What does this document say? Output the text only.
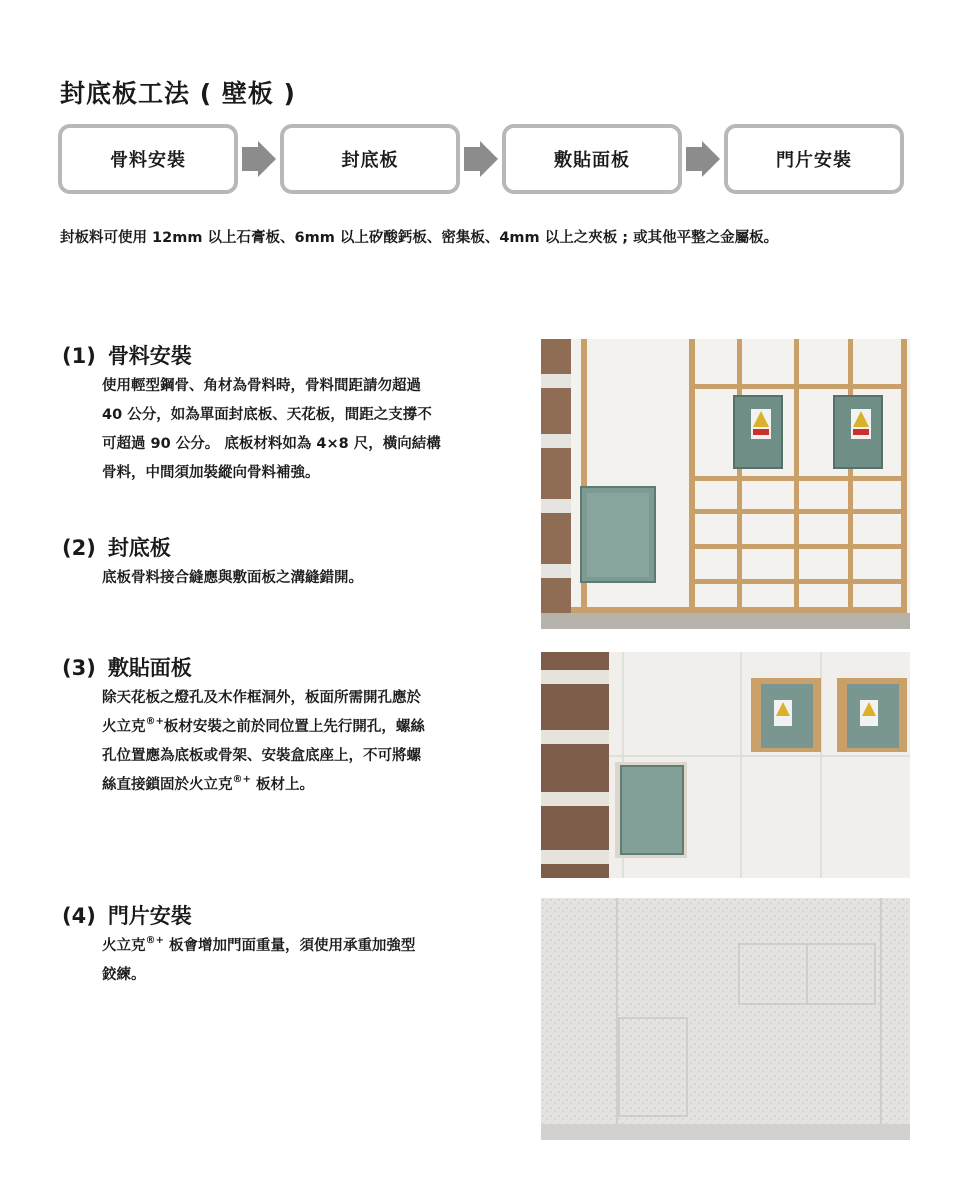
封底板工法 ( 壁板 )
骨料安裝	封底板	敷貼面板	門片安裝
封板料可使用 12mm 以上石膏板、6mm 以上矽酸鈣板、密集板、4mm 以上之夾板 ; 或其他平整之金屬板。
(1) 骨料安裝
使用輕型鋼骨、角材為骨料時，骨料間距請勿超過
40 公分，如為單面封底板、天花板，間距之支撐不
可超過 90 公分。 底板材料如為 4×8 尺，橫向結構
骨料，中間須加裝縱向骨料補強。
(2) 封底板
底板骨料接合縫應與敷面板之溝縫錯開。
(3) 敷貼面板
除天花板之燈孔及木作框洞外，板面所需開孔應於
火立克®+板材安裝之前於同位置上先行開孔，螺絲
孔位置應為底板或骨架、安裝盒底座上，不可將螺
絲直接鎖固於火立克®+ 板材上。
(4) 門片安裝
火立克®+ 板會增加門面重量，須使用承重加強型
鉸練。
